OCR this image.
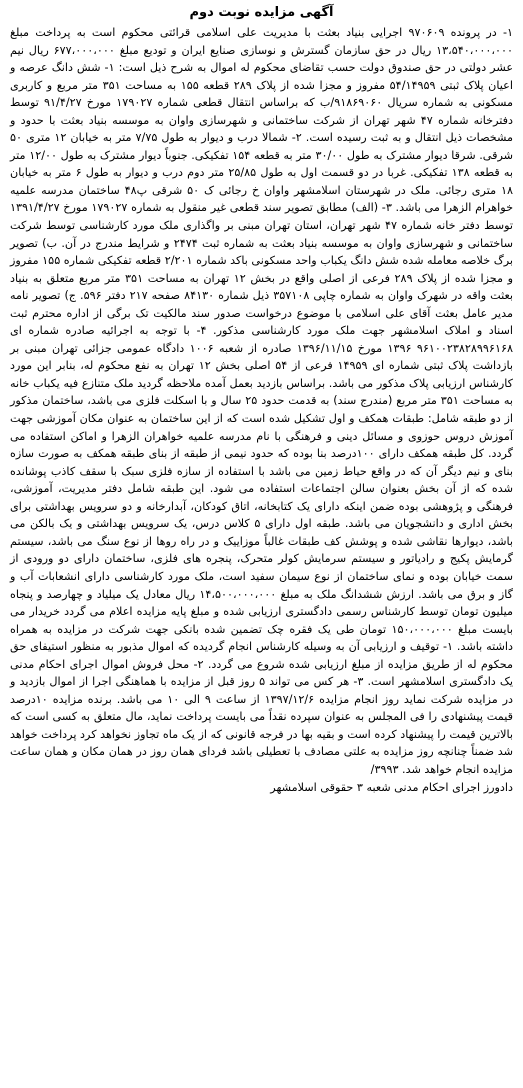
آگهی مزایده نوبت دوم

۱- در پرونده ۹۷۰۶۰۹ اجرایی بنیاد بعثت با مدیریت علی اسلامی قرائتی محکوم است به پرداخت مبلغ ۱۳،۵۴۰،۰۰۰،۰۰۰ ریال در حق سازمان گسترش و نوسازی صنایع ایران و تودیع مبلغ ۶۷۷،۰۰۰،۰۰۰ ریال نیم عشر دولتی در حق صندوق دولت حسب تقاضای محکوم له اموال به شرح ذیل است: ۱- شش دانگ عرصه و اعیان پلاک ثبتی ۵۴/۱۴۹۵۹ مفروز و مجزا شده از پلاک ۲۸۹ قطعه ۱۵۵ به مساحت ۳۵۱ متر مربع و کاربری مسکونی به شماره سریال ۹۱۸۶۹۰۶۰/ب که براساس انتقال قطعی شماره ۱۷۹۰۲۷ مورخ ۹۱/۴/۲۷ توسط دفترخانه شماره ۴۷ شهر تهران از شرکت ساختمانی و شهرسازی واوان به موسسه بنیاد بعثت با حدود و مشخصات ذیل انتقال و به ثبت رسیده است. ۲- شمالا درب و دیوار به طول ۷/۷۵ متر به خیابان ۱۲ متری ۵۰ شرقی. شرقا دیوار مشترک به طول ۳۰/۰۰ متر به قطعه ۱۵۴ تفکیکی. جنوباً دیوار مشترک به طول ۱۲/۰۰ متر به قطعه ۱۳۸ تفکیکی. غربا در دو قسمت اول به طول ۲۵/۸۵ متر دوم درب و دیوار به طول ۶ متر به خیابان ۱۸ متری رجائی. ملک در شهرستان اسلامشهر واوان خ رجائی ک ۵۰ شرقی پ۴۸ ساختمان مدرسه علمیه خواهرام الزهرا می باشد. ۳- (الف) مطابق تصویر سند قطعی غیر منقول به شماره ۱۷۹۰۲۷ مورخ ۱۳۹۱/۴/۲۷ توسط دفتر خانه شماره ۴۷ شهر تهران، استان تهران مبنی بر واگذاری ملک مورد کارشناسی توسط شرکت ساختمانی و شهرسازی واوان به موسسه بنیاد بعثت به شماره ثبت ۲۴۷۴ و شرایط مندرج در آن. ب) تصویر برگ خلاصه معامله شده شش دانگ یکباب واحد مسکونی باکد شماره ۲/۲۰۱ قطعه تفکیکی شماره ۱۵۵ مفروز و مجزا شده از پلاک ۲۸۹ فرعی از اصلی واقع در بخش ۱۲ تهران به مساحت ۳۵۱ متر مربع متعلق به بنیاد بعثت واقه در شهرک واوان به شماره چاپی ۳۵۷۱۰۸ ذیل شماره ۸۴۱۳۰ صفحه ۲۱۷ دفتر ۵۹۶. ج) تصویر نامه مدیر عامل بعثت آقای علی اسلامی با موضوع درخواست صدور سند مالکیت تک برگی از اداره محترم ثبت اسناد و املاک اسلامشهر جهت ملک مورد کارشناسی مذکور. ۴- با توجه به اجرائیه صادره شماره ای ۹۶۱۰۰۲۳۸۲۸۹۹۶۱۶۸ ۱۳۹۶ مورخ ۱۳۹۶/۱۱/۱۵ صادره از شعبه ۱۰۰۶ دادگاه عمومی جزائی تهران مبنی بر بازداشت پلاک ثبتی شماره ای ۱۴۹۵۹ فرعی از ۵۴ اصلی بخش ۱۲ تهران به نفع محکوم له، بنابر این مورد کارشناس ارزیابی پلاک مذکور می باشد. براساس بازدید بعمل آمده ملاحظه گردید ملک متنازع فیه یکباب خانه به مساحت ۳۵۱ متر مربع (مندرج سند) به قدمت حدود ۲۵ سال و با اسکلت فلزی می باشد، ساختمان مذکور از دو طبقه شامل: طبقات همکف و اول تشکیل شده است که از این ساختمان به عنوان مکان آموزشی جهت آموزش دروس حوزوی و مسائل دینی و فرهنگی با نام مدرسه علمیه خواهران الزهرا و اماکن استفاده می گردد. کل طبقه همکف دارای ۱۰۰درصد بنا بوده که حدود نیمی از طبقه از بنای طبقه همکف به صورت سازه بنای و نیم دیگر آن که در واقع حیاط زمین می باشد با استفاده از سازه فلزی سبک با سقف کاذب پوشانده شده که از آن بخش بعنوان سالن اجتماعات استفاده می شود. این طبقه شامل دفتر مدیریت، آموزشی، فرهنگی و پژوهشی بوده ضمن اینکه دارای یک کتابخانه، اتاق کودکان، آبدارخانه و دو سرویس بهداشتی برای بخش اداری و دانشجویان می باشد. طبقه اول دارای ۵ کلاس درس، یک سرویس بهداشتی و یک بالکن می باشد، دیوارها نقاشی شده و پوشش کف طبقات غالباً موزاییک و در راه روها از نوع سنگ می باشد، سیستم گرمایش پکیج و رادیاتور و سیستم سرمایش کولر متحرک، پنجره های فلزی، ساختمان دارای دو ورودی از سمت خیابان بوده و نمای ساختمان از نوع سیمان سفید است، ملک مورد کارشناسی دارای انشعابات آب و گاز و برق می باشد. ارزش ششدانگ ملک به مبلغ ۱۴،۵۰۰،۰۰۰،۰۰۰ ریال معادل یک میلیاد و چهارصد و پنجاه میلیون تومان توسط کارشناس رسمی دادگستری ارزیابی شده و مبلغ پایه مزایده اعلام می گردد خریدار می بایست مبلغ ۱۵۰،۰۰۰،۰۰۰ تومان طی یک فقره چک تضمین شده بانکی جهت شرکت در مزایده به همراه داشته باشد. ۱- توقیف و ارزیابی آن به وسیله کارشناس انجام گردیده که اموال مذبور به منظور استیفای حق محکوم له از طریق مزایده از مبلغ ارزیابی شده شروع می گردد. ۲- محل فروش اموال اجرای احکام مدنی یک دادگستری اسلامشهر است. ۳- هر کس می تواند ۵ روز قبل از مزایده با هماهنگی اجرا از اموال بازدید و در مزایده شرکت نماید روز انجام مزایده ۱۳۹۷/۱۲/۶ از ساعت ۹ الی ۱۰ می باشد. برنده مزایده ۱۰درصد قیمت پیشنهادی را فی المجلس به عنوان سپرده نقداً می بایست پرداخت نماید، مال متعلق به کسی است که بالاترین قیمت را پیشنهاد کرده است و بقیه بها در فرجه قانونی که از یک ماه تجاوز نخواهد کرد پرداخت خواهد شد ضمناً چنانچه روز مزایده به علتی مصادف با تعطیلی باشد فردای همان روز در همان مکان و همان ساعت مزایده انجام خواهد شد. ۳۹۹۳/

دادورز اجرای احکام مدنی شعبه ۳ حقوقی اسلامشهر
